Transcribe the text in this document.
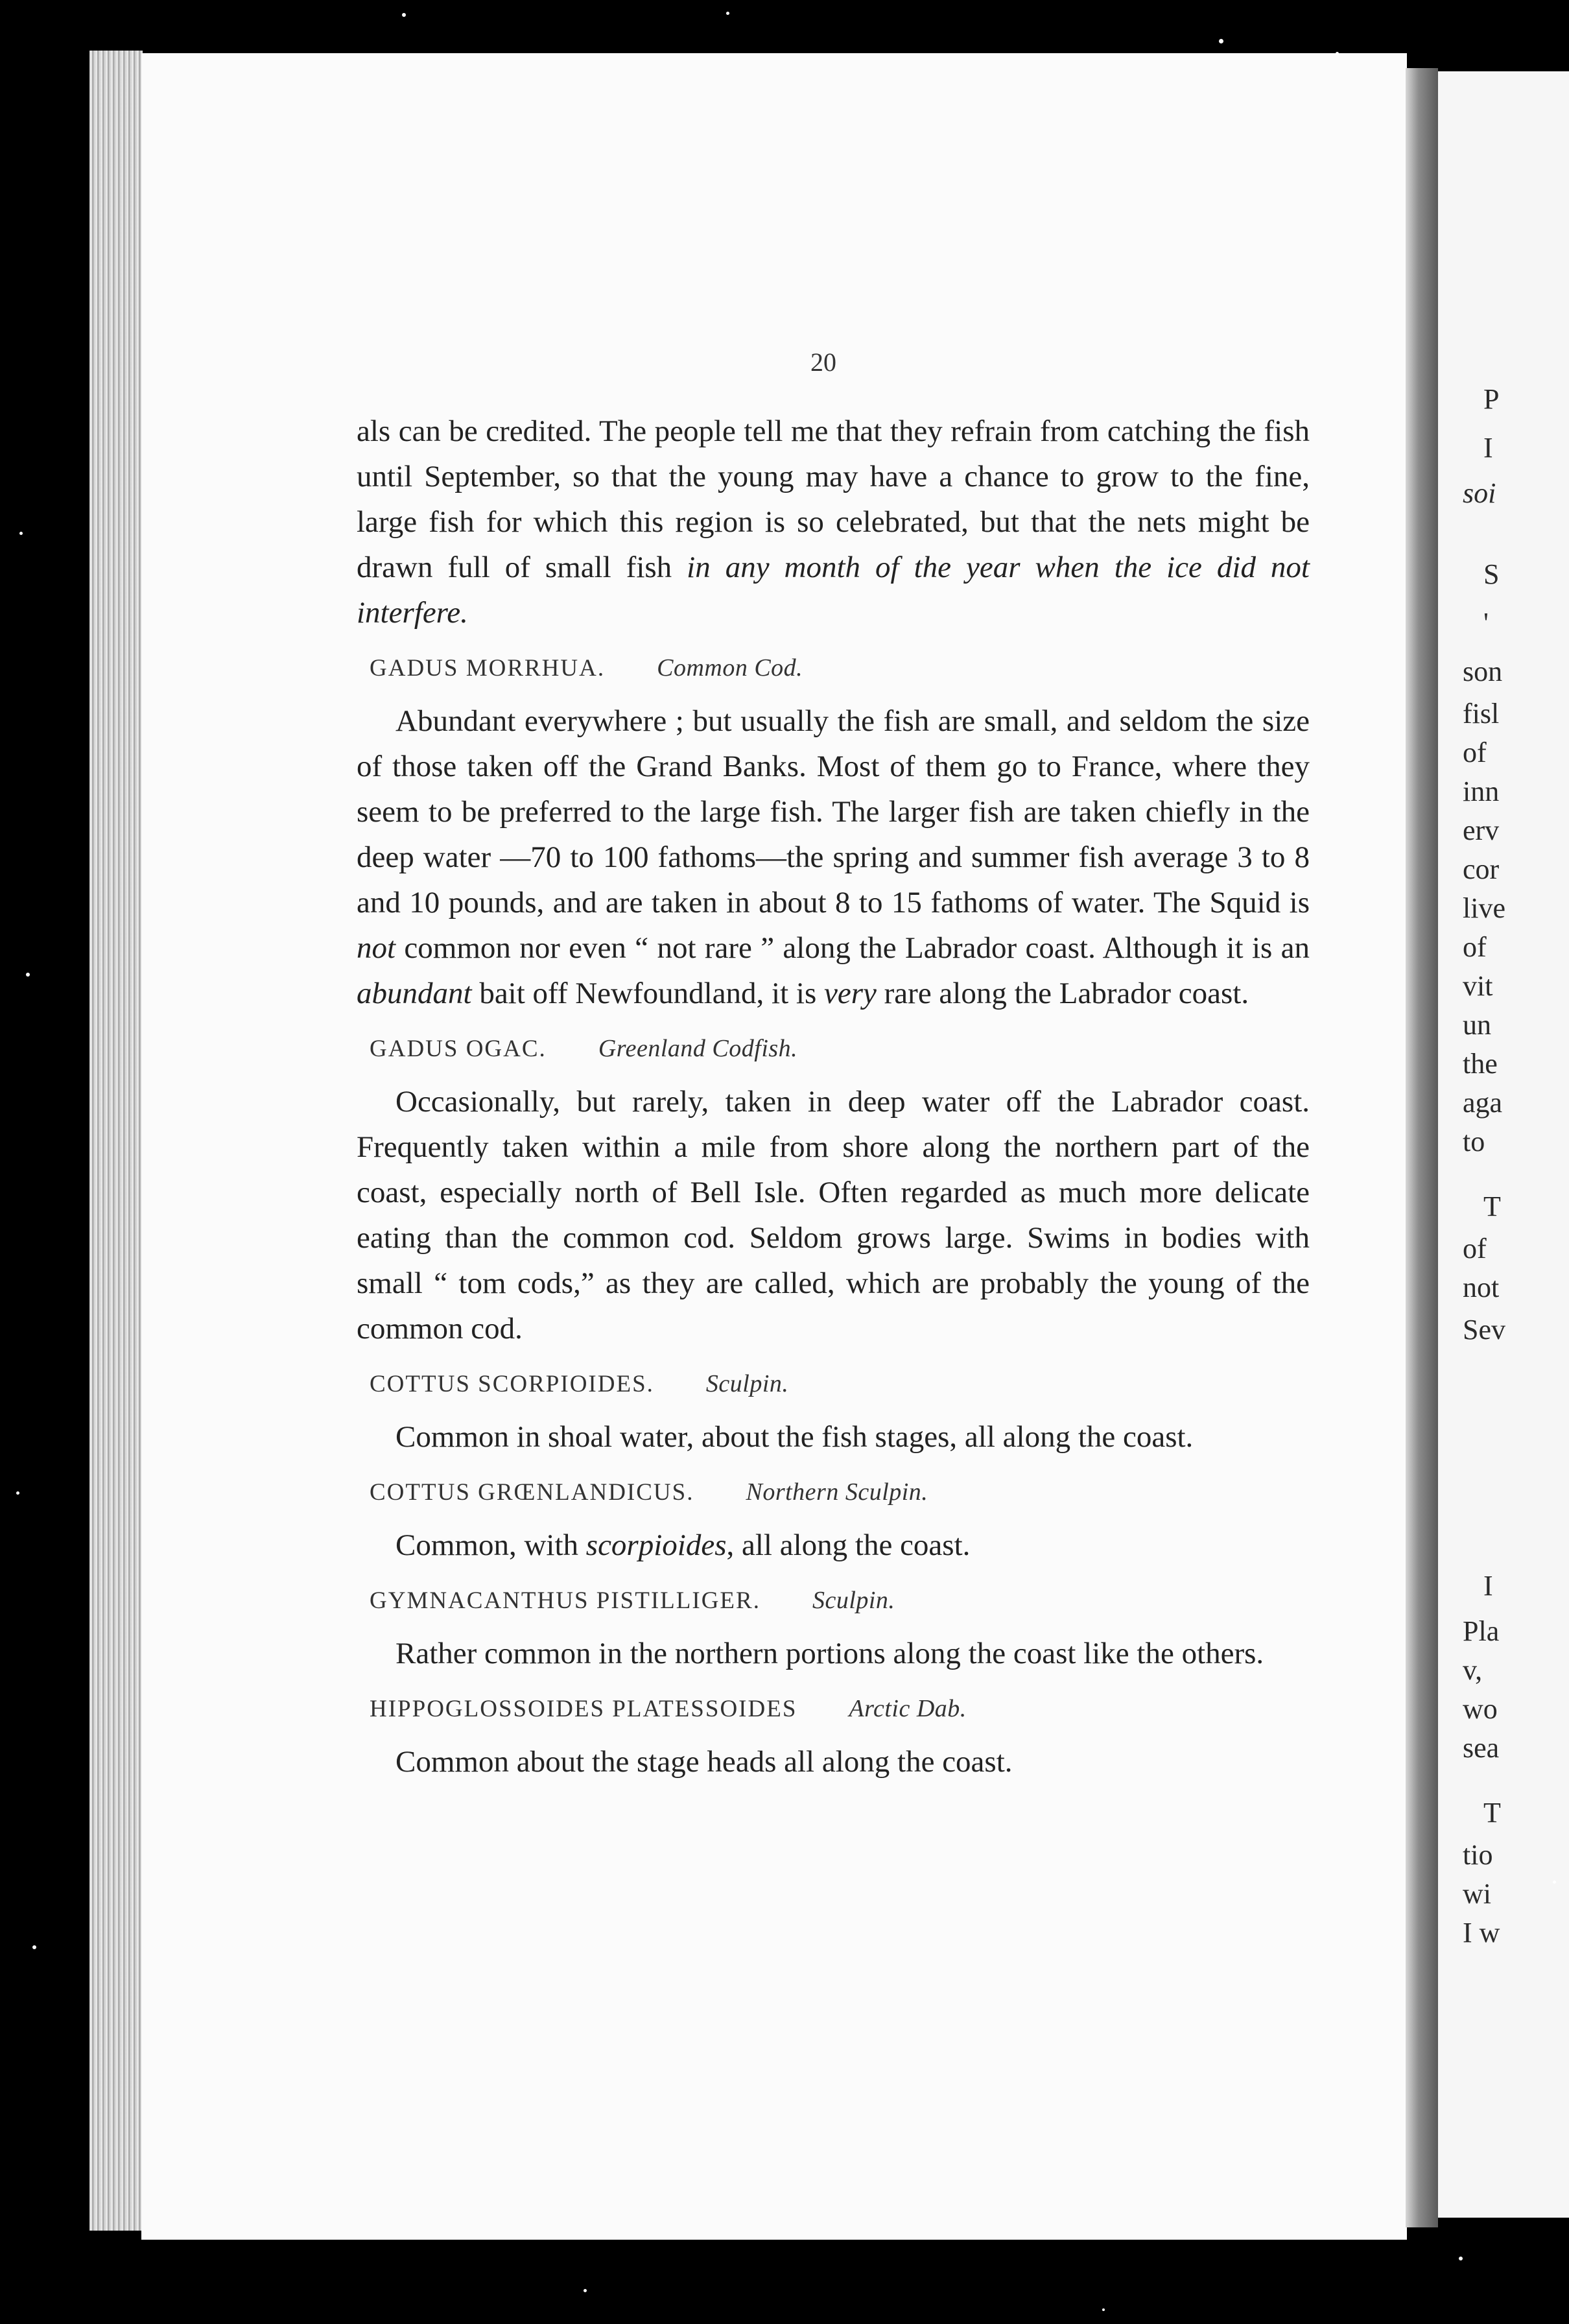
P
I
soi
S
'
son
fisl
of
inn
erv
cor
live
of
vit
un
the
aga
to
T
of
not
Sev
I
Pla
v,
wo
sea
T
tio
wi
I w
20

als can be credited. The people tell me that they refrain from catching the fish until September, so that the young may have a chance to grow to the fine, large fish for which this region is so celebrated, but that the nets might be drawn full of small fish in any month of the year when the ice did not interfere.

GADUS MORRHUA. Common Cod.

Abundant everywhere ; but usually the fish are small, and seldom the size of those taken off the Grand Banks. Most of them go to France, where they seem to be preferred to the large fish. The larger fish are taken chiefly in the deep water —70 to 100 fathoms—the spring and summer fish average 3 to 8 and 10 pounds, and are taken in about 8 to 15 fathoms of water. The Squid is not common nor even “ not rare ” along the Labrador coast. Although it is an abundant bait off Newfoundland, it is very rare along the Labrador coast.

GADUS OGAC. Greenland Codfish.

Occasionally, but rarely, taken in deep water off the Labrador coast. Frequently taken within a mile from shore along the northern part of the coast, especially north of Bell Isle. Often regarded as much more delicate eating than the common cod. Seldom grows large. Swims in bodies with small “ tom cods,” as they are called, which are probably the young of the common cod.

COTTUS SCORPIOIDES. Sculpin.

Common in shoal water, about the fish stages, all along the coast.

COTTUS GRŒNLANDICUS. Northern Sculpin.

Common, with scorpioides, all along the coast.

GYMNACANTHUS PISTILLIGER. Sculpin.

Rather common in the northern portions along the coast like the others.

HIPPOGLOSSOIDES PLATESSOIDES Arctic Dab.

Common about the stage heads all along the coast.
